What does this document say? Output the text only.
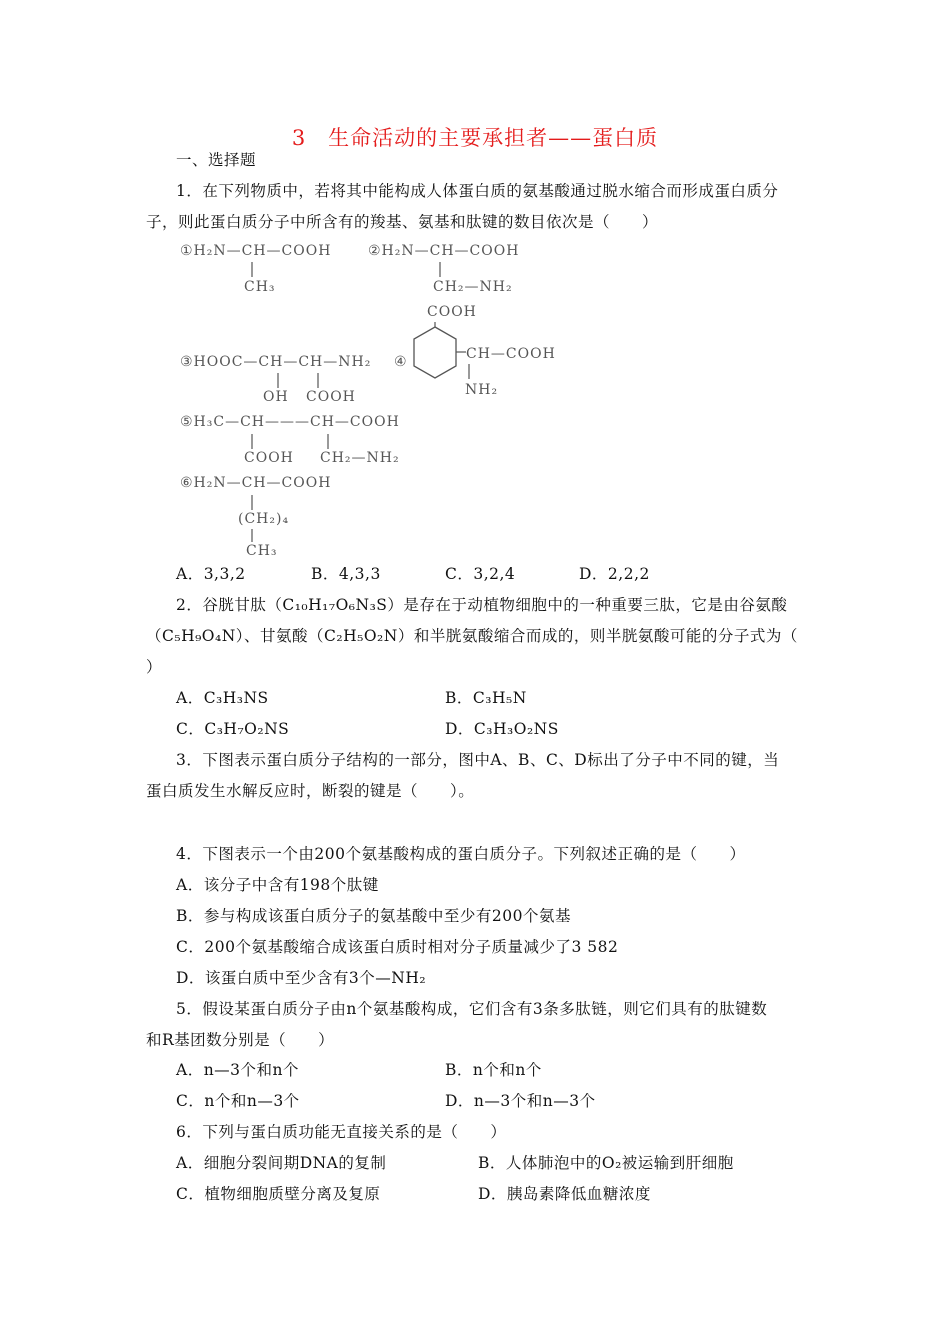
3　生命活动的主要承担者——蛋白质
一、选择题
1．在下列物质中，若将其中能构成人体蛋白质的氨基酸通过脱水缩合而形成蛋白质分
子，则此蛋白质分子中所含有的羧基、氨基和肽键的数目依次是（　　）
①H₂N—CH—COOH
CH₃
②H₂N—CH—COOH
CH₂—NH₂
COOH
③HOOC—CH—CH—NH₂
OH COOH
④	CH—COOH
NH₂
⑤H₃C—CH———CH—COOH
COOH CH₂—NH₂
⑥H₂N—CH—COOH
(CH₂)₄
CH₃
A．3,3,2	B．4,3,3	C．3,2,4	D．2,2,2
2．谷胱甘肽（C₁₀H₁₇O₆N₃S）是存在于动植物细胞中的一种重要三肽，它是由谷氨酸
（C₅H₉O₄N）、甘氨酸（C₂H₅O₂N）和半胱氨酸缩合而成的，则半胱氨酸可能的分子式为（
）
A．C₃H₃NS	B．C₃H₅N
C．C₃H₇O₂NS	D．C₃H₃O₂NS
3．下图表示蛋白质分子结构的一部分，图中A、B、C、D标出了分子中不同的键，当
蛋白质发生水解反应时，断裂的键是（　　）。
4．下图表示一个由200个氨基酸构成的蛋白质分子。下列叙述正确的是（　　）
A．该分子中含有198个肽键
B．参与构成该蛋白质分子的氨基酸中至少有200个氨基
C．200个氨基酸缩合成该蛋白质时相对分子质量减少了3 582
D．该蛋白质中至少含有3个—NH₂
5．假设某蛋白质分子由n个氨基酸构成，它们含有3条多肽链，则它们具有的肽键数
和R基团数分别是（　　）
A．n—3个和n个	B．n个和n个
C．n个和n—3个	D．n—3个和n—3个
6．下列与蛋白质功能无直接关系的是（　　）
A．细胞分裂间期DNA的复制	B．人体肺泡中的O₂被运输到肝细胞
C．植物细胞质壁分离及复原	D．胰岛素降低血糖浓度
